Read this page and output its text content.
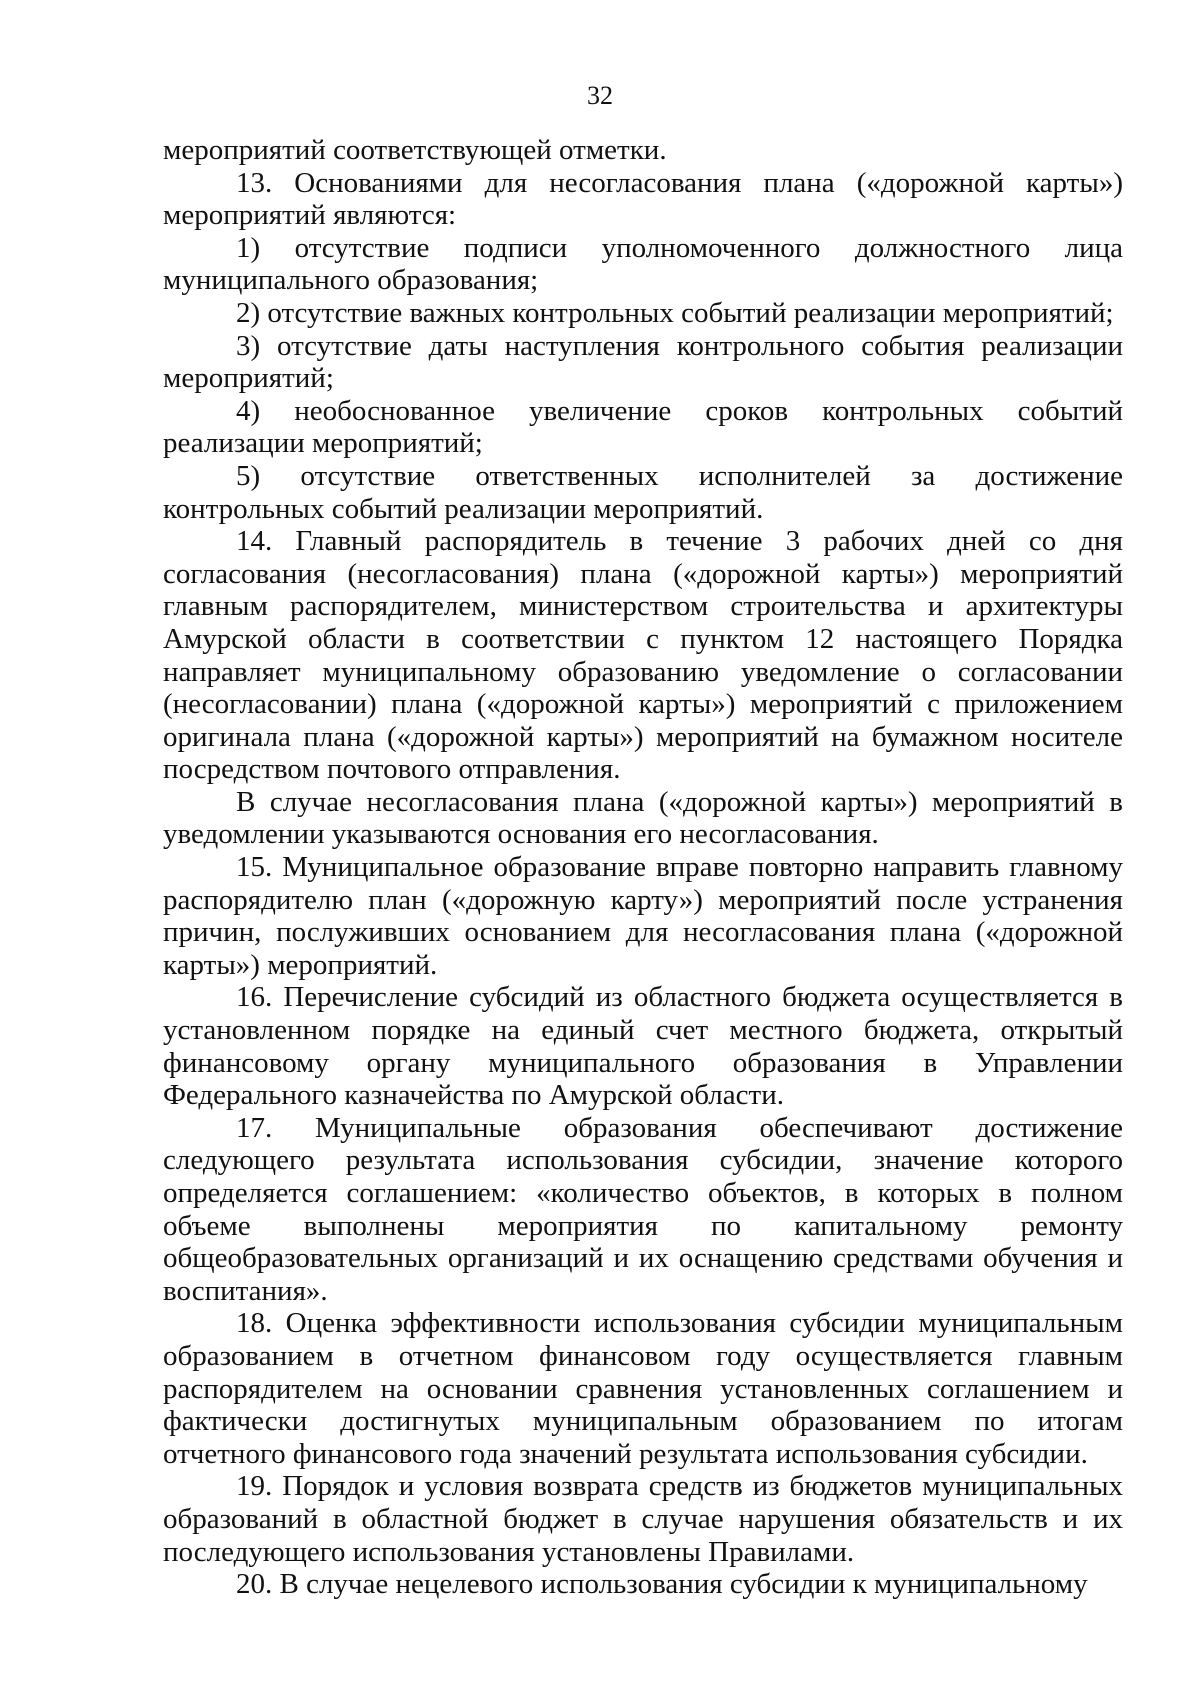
32

мероприятий соответствующей отметки.

13. Основаниями для несогласования плана («дорожной карты») мероприятий являются:

1) отсутствие подписи уполномоченного должностного лица муниципального образования;

2) отсутствие важных контрольных событий реализации мероприятий;

3) отсутствие даты наступления контрольного события реализации мероприятий;

4) необоснованное увеличение сроков контрольных событий реализации мероприятий;

5) отсутствие ответственных исполнителей за достижение контрольных событий реализации мероприятий.

14. Главный распорядитель в течение 3 рабочих дней со дня согласования (несогласования) плана («дорожной карты») мероприятий главным распорядителем, министерством строительства и архитектуры Амурской области в соответствии с пунктом 12 настоящего Порядка направляет муниципальному образованию уведомление о согласовании (несогласовании) плана («дорожной карты») мероприятий с приложением оригинала плана («дорожной карты») мероприятий на бумажном носителе посредством почтового отправления.

В случае несогласования плана («дорожной карты») мероприятий в уведомлении указываются основания его несогласования.

15. Муниципальное образование вправе повторно направить главному распорядителю план («дорожную карту») мероприятий после устранения причин, послуживших основанием для несогласования плана («дорожной карты») мероприятий.

16. Перечисление субсидий из областного бюджета осуществляется в установленном порядке на единый счет местного бюджета, открытый финансовому органу муниципального образования в Управлении Федерального казначейства по Амурской области.

17. Муниципальные образования обеспечивают достижение следующего результата использования субсидии, значение которого определяется соглашением: «количество объектов, в которых в полном объеме выполнены мероприятия по капитальному ремонту общеобразовательных организаций и их оснащению средствами обучения и воспитания».

18. Оценка эффективности использования субсидии муниципальным образованием в отчетном финансовом году осуществляется главным распорядителем на основании сравнения установленных соглашением и фактически достигнутых муниципальным образованием по итогам отчетного финансового года значений результата использования субсидии.

19. Порядок и условия возврата средств из бюджетов муниципальных образований в областной бюджет в случае нарушения обязательств и их последующего использования установлены Правилами.

20. В случае нецелевого использования субсидии к муниципальному
